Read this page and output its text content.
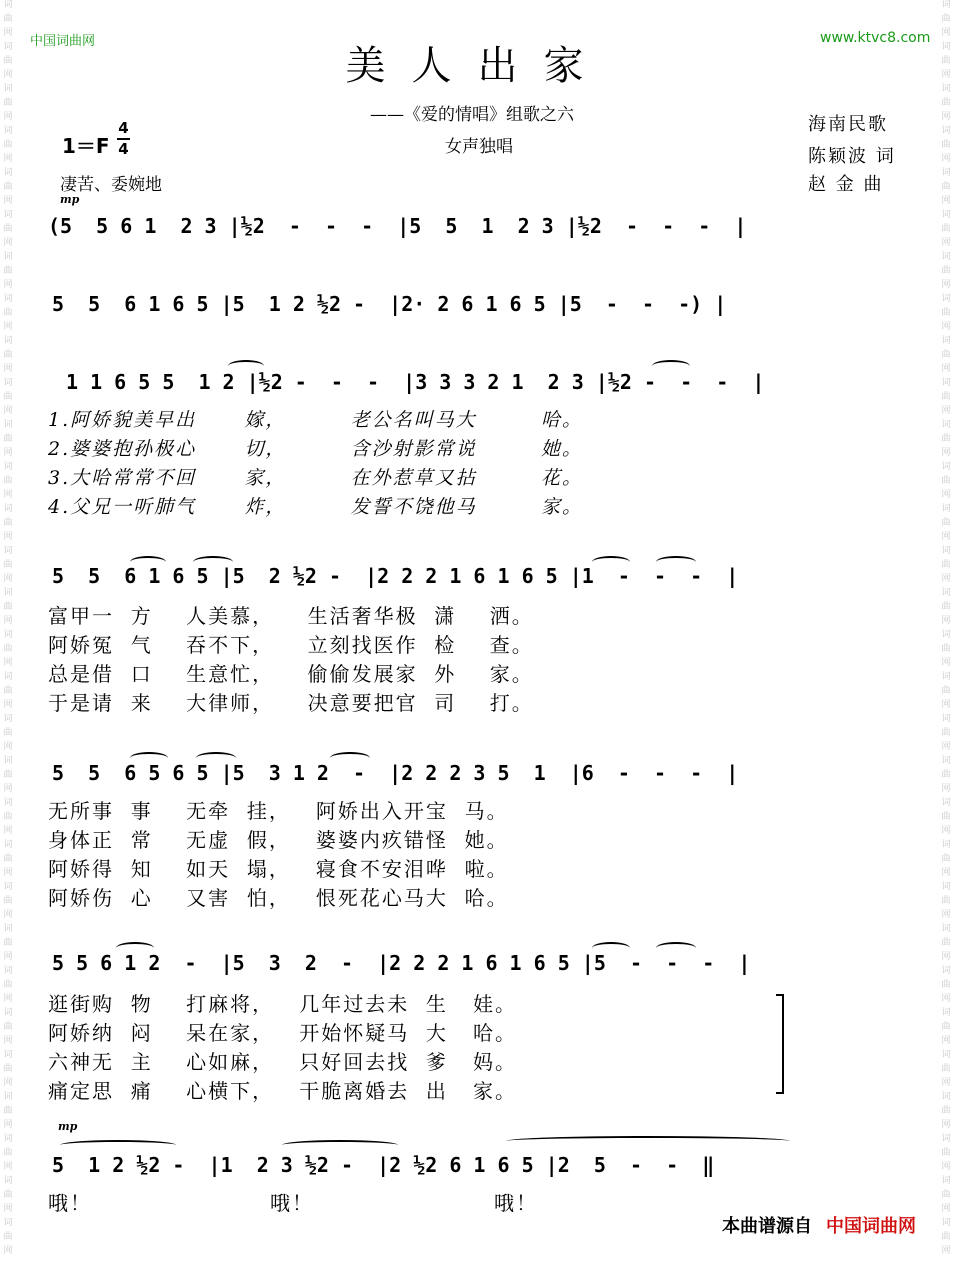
词
曲
网
词
曲
网
词
曲
网
词
曲
网
词
曲
网
词
曲
网
词
曲
网
词
曲
网
词
曲
网
词
曲
网
词
曲
网
词
曲
网
词
曲
网
词
曲
网
词
曲
网
词
曲
网
词
曲
网
词
曲
网
词
曲
网
词
曲
网
词
曲
网
词
曲
网
词
曲
网
词
曲
网
词
曲
网
词
曲
网
词
曲
网
词
曲
网
词
曲
网
词
曲
网
词
曲
网
词
曲
网
词
曲
网
词
曲
网
词
曲
网
词
曲
网
词
曲
网
词
曲
网
词
曲
网
词
曲
网
词
曲
网
词
曲
网
词
曲
网
词
曲
网
词
曲
网
词
曲
网
词
曲
网
词
曲
网
词
曲
网
词
曲
网
词
曲
网
词
曲
网
词
曲
网
词
曲
网
词
曲
网
词
曲
网
词
曲
网
词
曲
网
词
曲
网
词
曲
网
中国词曲网	www.ktvc8.com
美人出家
——《爱的情唱》组歌之六
女声独唱
海南民歌
陈颖波 词
赵 金 曲
1＝F
4
4
凄苦、委婉地
mp
mp
(5  5 6 1  2 3 |½2  -  -  -  |5  5  1  2 3 |½2  -  -  -  |
5  5  6 1 6 5 |5  1 2 ½2 -  |2· 2 6 1 6 5 |5  -  -  -) |
1 1 6 5 5  1 2 |½2 -  -  -  |3 3 3 2 1  2 3 |½2 -  -  -  |
5  5  6 1 6 5 |5  2 ½2 -  |2 2 2 1 6 1 6 5 |1  -  -  -  |
5  5  6 5 6 5 |5  3 1 2  -  |2 2 2 3 5  1  |6  -  -  -  |
5 5 6 1 2  -  |5  3  2  -  |2 2 2 1 6 1 6 5 |5  -  -  -  |
5  1 2 ½2 -  |1  2 3 ½2 -  |2 ½2 6 1 6 5 |2  5  -  -  ‖
1.阿娇貌美早出      嫁，        老公名叫马大        哈。
2.婆婆抱孙极心      切，        含沙射影常说        她。
3.大哈常常不回      家，        在外惹草又拈        花。
4.父兄一听肺气      炸，        发誓不饶他马        家。
富甲一  方    人美慕，    生活奢华极  潇    洒。
阿娇冤  气    吞不下，    立刻找医作  检    查。
总是借  口    生意忙，    偷偷发展家  外    家。
于是请  来    大律师，    决意要把官  司    打。
无所事  事    无牵  挂，   阿娇出入开宝  马。
身体正  常    无虚  假，   婆婆内疚错怪  她。
阿娇得  知    如天  塌，   寝食不安泪哗  啦。
阿娇伤  心    又害  怕，   恨死花心马大  哈。
逛街购  物    打麻将，   几年过去未  生   娃。
阿娇纳  闷    呆在家，   开始怀疑马  大   哈。
六神无  主    心如麻，   只好回去找  爹   妈。
痛定思  痛    心横下，   干脆离婚去  出   家。
哦！	哦！	哦！
本曲谱源自 中国词曲网
